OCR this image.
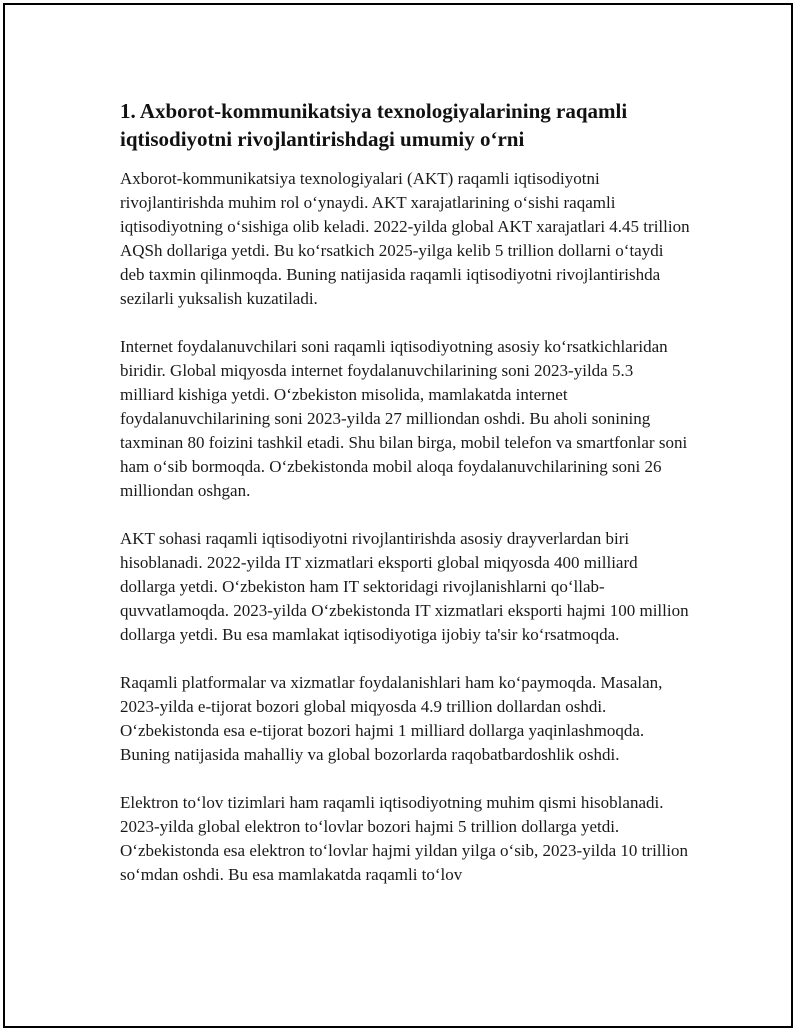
1. Axborot-kommunikatsiya texnologiyalarining raqamli iqtisodiyotni rivojlantirishdagi umumiy o‘rni

Axborot-kommunikatsiya texnologiyalari (AKT) raqamli iqtisodiyotni rivojlantirishda muhim rol o‘ynaydi. AKT xarajatlarining o‘sishi raqamli iqtisodiyotning o‘sishiga olib keladi. 2022-yilda global AKT xarajatlari 4.45 trillion AQSh dollariga yetdi. Bu ko‘rsatkich 2025-yilga kelib 5 trillion dollarni o‘taydi deb taxmin qilinmoqda. Buning natijasida raqamli iqtisodiyotni rivojlantirishda sezilarli yuksalish kuzatiladi.

Internet foydalanuvchilari soni raqamli iqtisodiyotning asosiy ko‘rsatkichlaridan biridir. Global miqyosda internet foydalanuvchilarining soni 2023-yilda 5.3 milliard kishiga yetdi. O‘zbekiston misolida, mamlakatda internet foydalanuvchilarining soni 2023-yilda 27 milliondan oshdi. Bu aholi sonining taxminan 80 foizini tashkil etadi. Shu bilan birga, mobil telefon va smartfonlar soni ham o‘sib bormoqda. O‘zbekistonda mobil aloqa foydalanuvchilarining soni 26 milliondan oshgan.

AKT sohasi raqamli iqtisodiyotni rivojlantirishda asosiy drayverlardan biri hisoblanadi. 2022-yilda IT xizmatlari eksporti global miqyosda 400 milliard dollarga yetdi. O‘zbekiston ham IT sektoridagi rivojlanishlarni qo‘llab-quvvatlamoqda. 2023-yilda O‘zbekistonda IT xizmatlari eksporti hajmi 100 million dollarga yetdi. Bu esa mamlakat iqtisodiyotiga ijobiy ta'sir ko‘rsatmoqda.

Raqamli platformalar va xizmatlar foydalanishlari ham ko‘paymoqda. Masalan, 2023-yilda e-tijorat bozori global miqyosda 4.9 trillion dollardan oshdi. O‘zbekistonda esa e-tijorat bozori hajmi 1 milliard dollarga yaqinlashmoqda. Buning natijasida mahalliy va global bozorlarda raqobatbardoshlik oshdi.

Elektron to‘lov tizimlari ham raqamli iqtisodiyotning muhim qismi hisoblanadi. 2023-yilda global elektron to‘lovlar bozori hajmi 5 trillion dollarga yetdi. O‘zbekistonda esa elektron to‘lovlar hajmi yildan yilga o‘sib, 2023-yilda 10 trillion so‘mdan oshdi. Bu esa mamlakatda raqamli to‘lov
